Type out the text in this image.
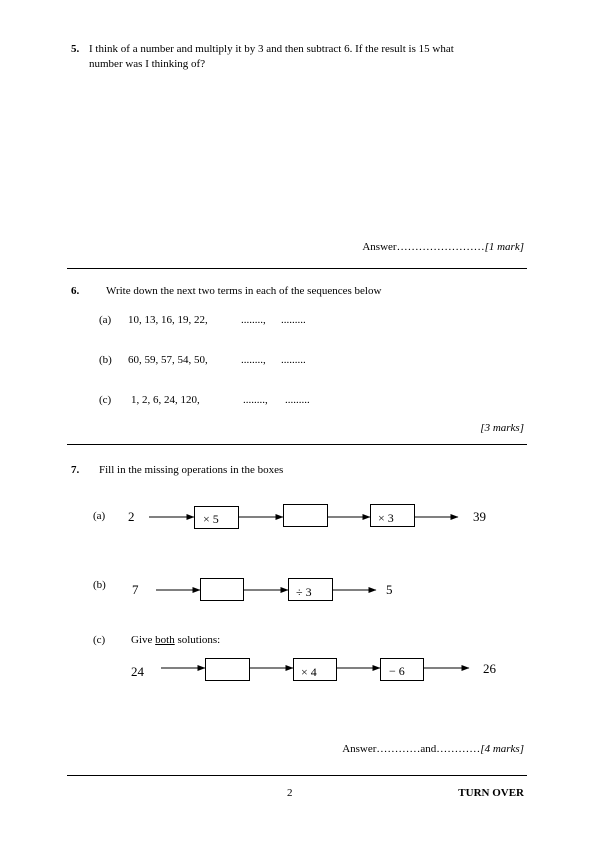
5. I think of a number and multiply it by 3 and then subtract 6. If the result is 15 what
number was I thinking of?
Answer……………………[1 mark]
6. Write down the next two terms in each of the sequences below
(a) 10, 13, 16, 19, 22,	........, .........
(b) 60, 59, 57, 54, 50,	........, .........
(c) 1, 2, 6, 24, 120,	........, .........
[3 marks]
7. Fill in the missing operations in the boxes
(a) 2	× 5	× 3	39
(b) 7	÷ 3	5
(c) Give both solutions:
24	× 4	− 6	26
Answer…………and…………[4 marks]
2	TURN OVER
